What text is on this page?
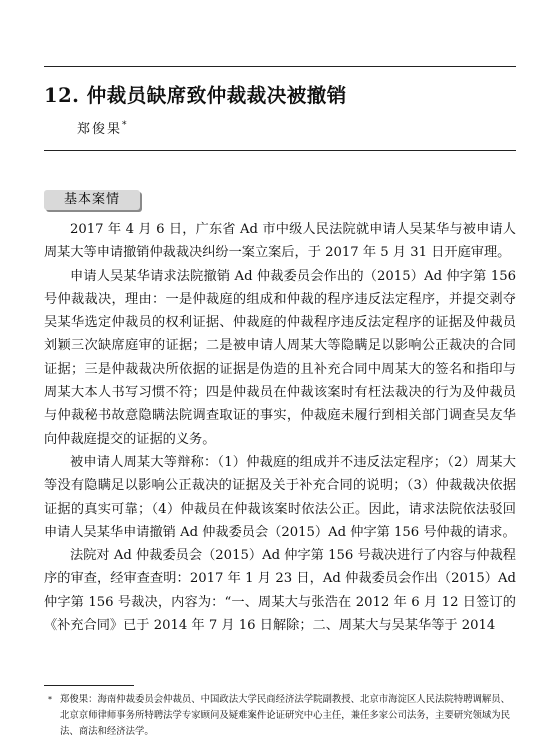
12. 仲裁员缺席致仲裁裁决被撤销
郑俊果*
基本案情

2017 年 4 月 6 日，广东省 Ad 市中级人民法院就申请人吴某华与被申请人周某大等申请撤销仲裁裁决纠纷一案立案后，于 2017 年 5 月 31 日开庭审理。

申请人吴某华请求法院撤销 Ad 仲裁委员会作出的（2015）Ad 仲字第 156 号仲裁裁决，理由：一是仲裁庭的组成和仲裁的程序违反法定程序，并提交剥夺吴某华选定仲裁员的权利证据、仲裁庭的仲裁程序违反法定程序的证据及仲裁员刘颖三次缺席庭审的证据；二是被申请人周某大等隐瞒足以影响公正裁决的合同证据；三是仲裁裁决所依据的证据是伪造的且补充合同中周某大的签名和指印与周某大本人书写习惯不符；四是仲裁员在仲裁该案时有枉法裁决的行为及仲裁员与仲裁秘书故意隐瞒法院调查取证的事实，仲裁庭未履行到相关部门调查吴友华向仲裁庭提交的证据的义务。

被申请人周某大等辩称：（1）仲裁庭的组成并不违反法定程序；（2）周某大等没有隐瞒足以影响公正裁决的证据及关于补充合同的说明；（3）仲裁裁决依据证据的真实可靠；（4）仲裁员在仲裁该案时依法公正。因此，请求法院依法驳回申请人吴某华申请撤销 Ad 仲裁委员会（2015）Ad 仲字第 156 号仲裁的请求。

法院对 Ad 仲裁委员会（2015）Ad 仲字第 156 号裁决进行了内容与仲裁程序的审查，经审查查明：2017 年 1 月 23 日，Ad 仲裁委员会作出（2015）Ad 仲字第 156 号裁决，内容为：“一、周某大与张浩在 2012 年 6 月 12 日签订的《补充合同》已于 2014 年 7 月 16 日解除；二、周某大与吴某华等于 2014

* 郑俊果：海南仲裁委员会仲裁员、中国政法大学民商经济法学院副教授、北京市海淀区人民法院特聘调解员、北京京师律师事务所特聘法学专家顾问及疑难案件论证研究中心主任，兼任多家公司法务，主要研究领域为民法、商法和经济法学。
